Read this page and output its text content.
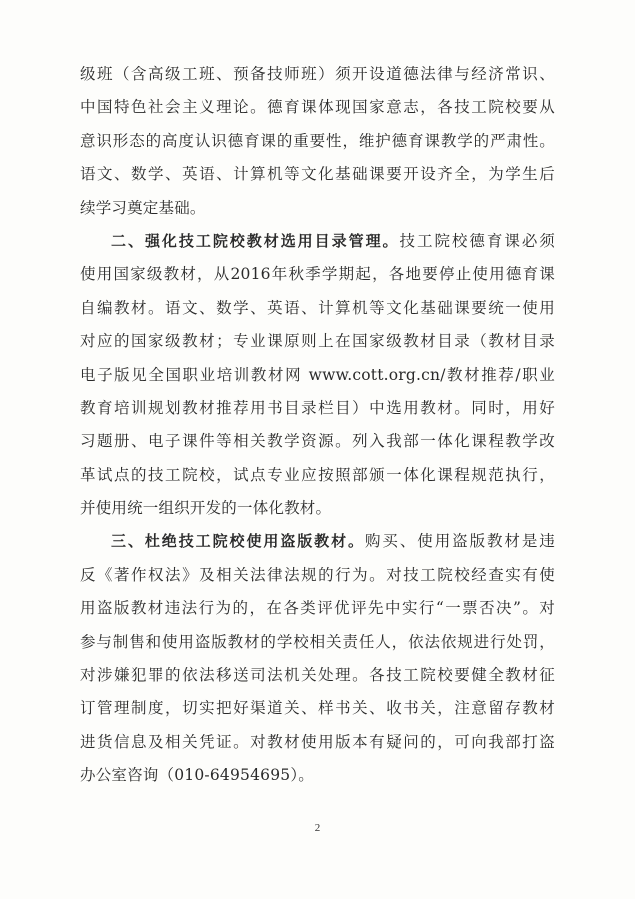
级班（含高级工班、预备技师班）须开设道德法律与经济常识、
中国特色社会主义理论。德育课体现国家意志，各技工院校要从
意识形态的高度认识德育课的重要性，维护德育课教学的严肃性。
语文、数学、英语、计算机等文化基础课要开设齐全，为学生后
续学习奠定基础。
二、强化技工院校教材选用目录管理。技工院校德育课必须
使用国家级教材，从2016年秋季学期起，各地要停止使用德育课
自编教材。语文、数学、英语、计算机等文化基础课要统一使用
对应的国家级教材；专业课原则上在国家级教材目录（教材目录
电子版见全国职业培训教材网 www.cott.org.cn/教材推荐/职业
教育培训规划教材推荐用书目录栏目）中选用教材。同时，用好
习题册、电子课件等相关教学资源。列入我部一体化课程教学改
革试点的技工院校，试点专业应按照部颁一体化课程规范执行，
并使用统一组织开发的一体化教材。
三、杜绝技工院校使用盗版教材。购买、使用盗版教材是违
反《著作权法》及相关法律法规的行为。对技工院校经查实有使
用盗版教材违法行为的，在各类评优评先中实行“一票否决”。对
参与制售和使用盗版教材的学校相关责任人，依法依规进行处罚，
对涉嫌犯罪的依法移送司法机关处理。各技工院校要健全教材征
订管理制度，切实把好渠道关、样书关、收书关，注意留存教材
进货信息及相关凭证。对教材使用版本有疑问的，可向我部打盗
办公室咨询（010-64954695）。
2
